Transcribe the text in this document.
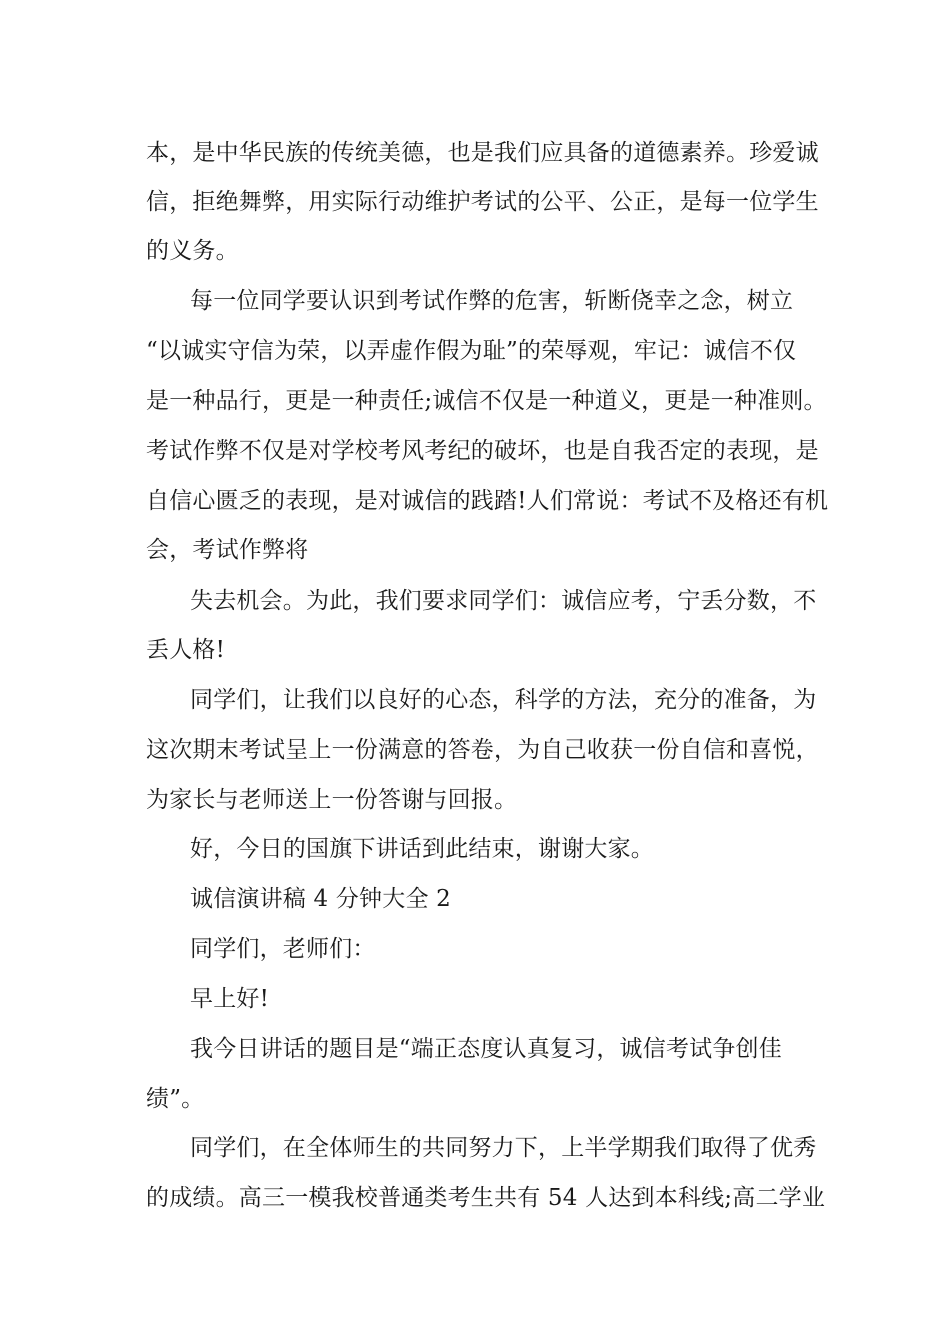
本，是中华民族的传统美德，也是我们应具备的道德素养。珍爱诚
信，拒绝舞弊，用实际行动维护考试的公平、公正，是每一位学生
的义务。
每一位同学要认识到考试作弊的危害，斩断侥幸之念，树立
“以诚实守信为荣，以弄虚作假为耻”的荣辱观，牢记：诚信不仅
是一种品行，更是一种责任;诚信不仅是一种道义，更是一种准则。
考试作弊不仅是对学校考风考纪的破坏，也是自我否定的表现，是
自信心匮乏的表现，是对诚信的践踏!人们常说：考试不及格还有机
会，考试作弊将
失去机会。为此，我们要求同学们：诚信应考，宁丢分数，不
丢人格!
同学们，让我们以良好的心态，科学的方法，充分的准备，为
这次期末考试呈上一份满意的答卷，为自己收获一份自信和喜悦，
为家长与老师送上一份答谢与回报。
好，今日的国旗下讲话到此结束，谢谢大家。
诚信演讲稿 4 分钟大全 2
同学们，老师们：
早上好!
我今日讲话的题目是“端正态度认真复习，诚信考试争创佳
绩”。
同学们，在全体师生的共同努力下，上半学期我们取得了优秀
的成绩。高三一模我校普通类考生共有 54 人达到本科线;高二学业
